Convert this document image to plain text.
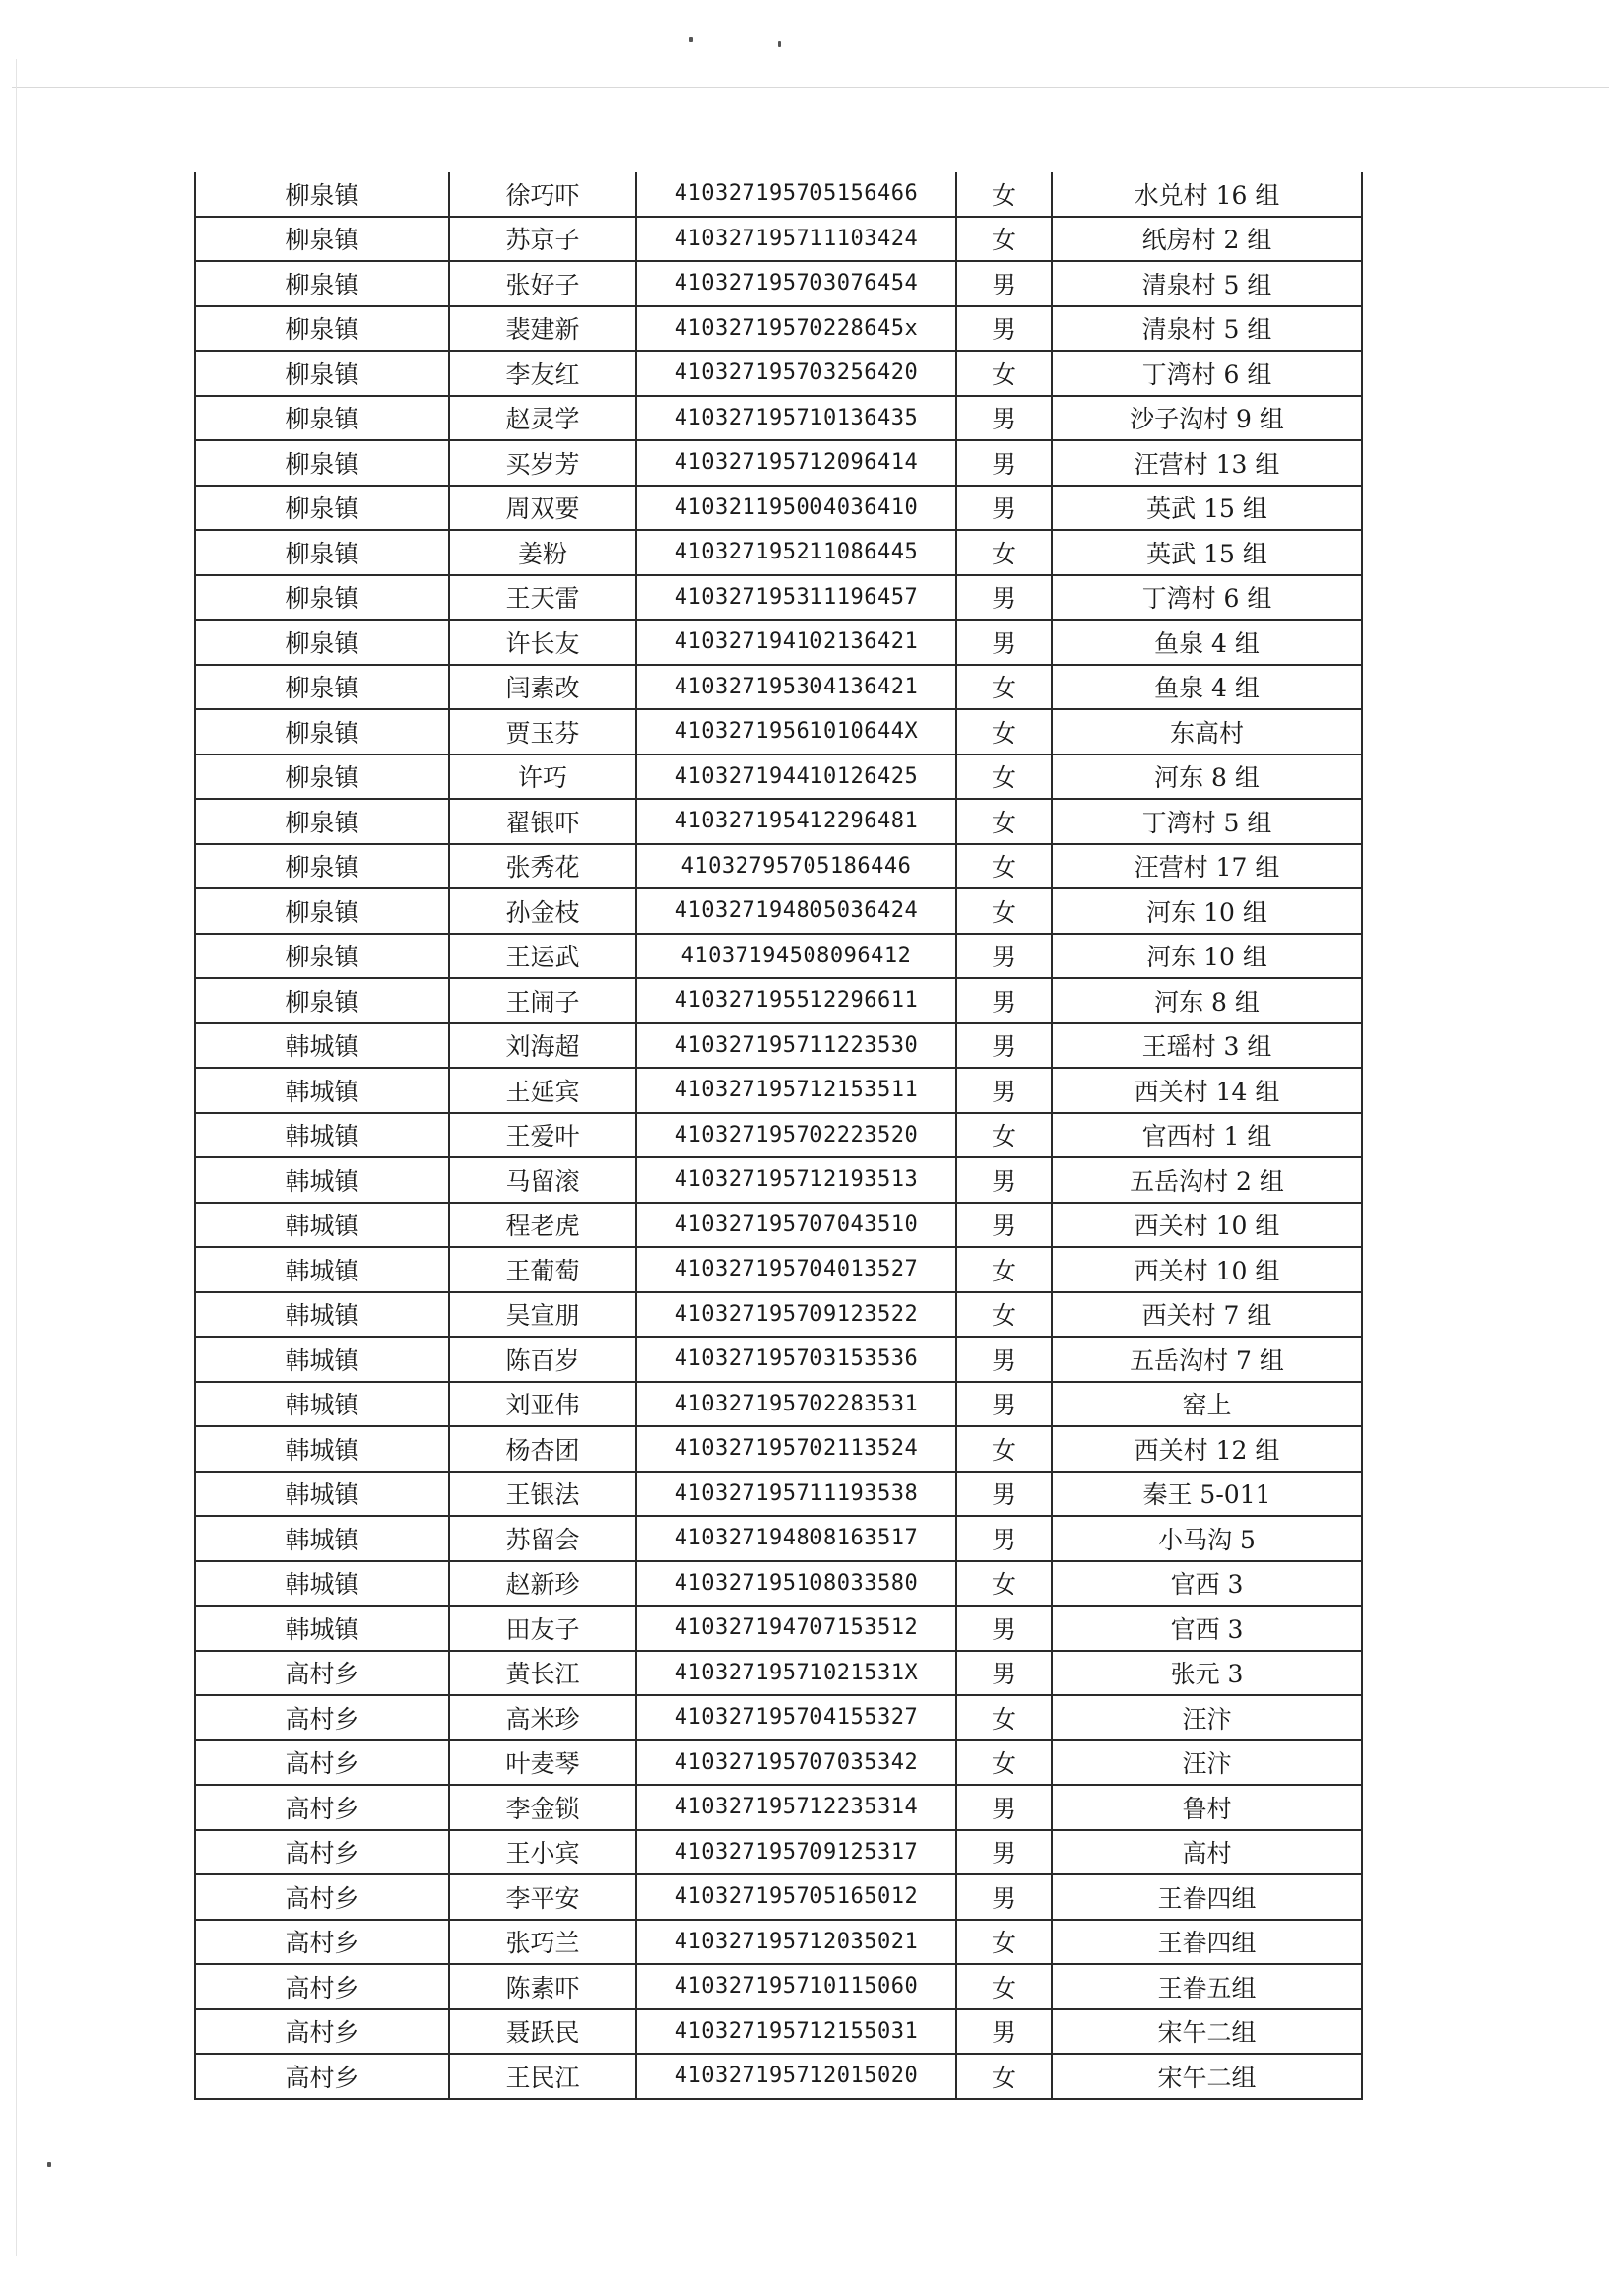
柳泉镇	徐巧吓	410327195705156466	女	水兑村 16 组
柳泉镇	苏京子	410327195711103424	女	纸房村 2 组
柳泉镇	张好子	410327195703076454	男	清泉村 5 组
柳泉镇	裴建新	41032719570228645x	男	清泉村 5 组
柳泉镇	李友红	410327195703256420	女	丁湾村 6 组
柳泉镇	赵灵学	410327195710136435	男	沙子沟村 9 组
柳泉镇	买岁芳	410327195712096414	男	汪营村 13 组
柳泉镇	周双要	410321195004036410	男	英武 15 组
柳泉镇	姜粉	410327195211086445	女	英武 15 组
柳泉镇	王天雷	410327195311196457	男	丁湾村 6 组
柳泉镇	许长友	410327194102136421	男	鱼泉 4 组
柳泉镇	闫素改	410327195304136421	女	鱼泉 4 组
柳泉镇	贾玉芬	41032719561010644X	女	东高村
柳泉镇	许巧	410327194410126425	女	河东 8 组
柳泉镇	翟银吓	410327195412296481	女	丁湾村 5 组
柳泉镇	张秀花	41032795705186446	女	汪营村 17 组
柳泉镇	孙金枝	410327194805036424	女	河东 10 组
柳泉镇	王运武	4103719450809​6412	男	河东 10 组
柳泉镇	王闹子	410327195512296611	男	河东 8 组
韩城镇	刘海超	410327195711223530	男	王瑶村 3 组
韩城镇	王延宾	410327195712153511	男	西关村 14 组
韩城镇	王爱叶	410327195702223520	女	官西村 1 组
韩城镇	马留滚	410327195712193513	男	五岳沟村 2 组
韩城镇	程老虎	410327195707043510	男	西关村 10 组
韩城镇	王葡萄	410327195704013527	女	西关村 10 组
韩城镇	吴宣朋	410327195709123522	女	西关村 7 组
韩城镇	陈百岁	410327195703153536	男	五岳沟村 7 组
韩城镇	刘亚伟	410327195702283531	男	窑上
韩城镇	杨杏团	410327195702113524	女	西关村 12 组
韩城镇	王银法	410327195711193538	男	秦王 5-011
韩城镇	苏留会	410327194808163517	男	小马沟 5
韩城镇	赵新珍	410327195108033580	女	官西 3
韩城镇	田友子	410327194707153512	男	官西 3
高村乡	黄长江	41032719571021531X	男	张元 3
高村乡	高米珍	410327195704155327	女	汪汴
高村乡	叶麦琴	410327195707035342	女	汪汴
高村乡	李金锁	410327195712235314	男	鲁村
高村乡	王小宾	410327195709125317	男	高村
高村乡	李平安	410327195705165012	男	王眷四组
高村乡	张巧兰	410327195712035021	女	王眷四组
高村乡	陈素吓	410327195710115060	女	王眷五组
高村乡	聂跃民	410327195712155031	男	宋午二组
高村乡	王民江	410327195712015020	女	宋午二组
